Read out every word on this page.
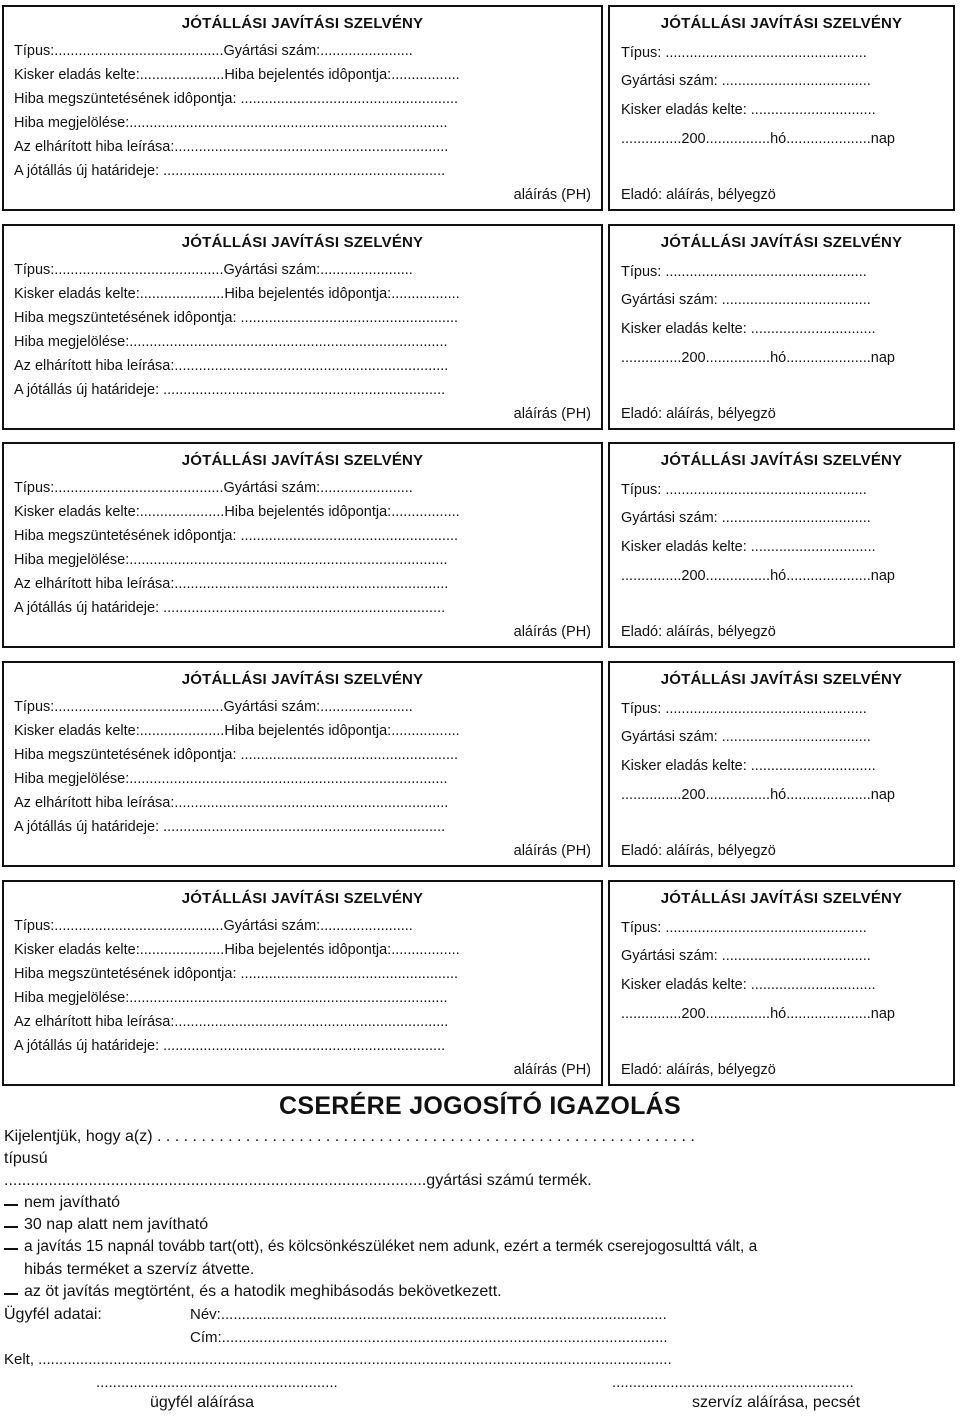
JÓTÁLLÁSI JAVÍTÁSI SZELVÉNY
Típus:..........................................Gyártási szám:.......................
Kisker eladás kelte:.....................Hiba bejelentés idôpontja:.................
Hiba megszüntetésének idôpontja: ......................................................
Hiba megjelölése:...............................................................................
Az elhárított hiba leírása:....................................................................
A jótállás új határideje: ......................................................................
aláírás (PH)
JÓTÁLLÁSI JAVÍTÁSI SZELVÉNY
Típus: ..................................................
Gyártási szám: .....................................
Kisker eladás kelte: ...............................
...............200................hó.....................nap
Eladó: aláírás, bélyegzö
JÓTÁLLÁSI JAVÍTÁSI SZELVÉNY
Típus:..........................................Gyártási szám:.......................
Kisker eladás kelte:.....................Hiba bejelentés idôpontja:.................
Hiba megszüntetésének idôpontja: ......................................................
Hiba megjelölése:...............................................................................
Az elhárított hiba leírása:....................................................................
A jótállás új határideje: ......................................................................
aláírás (PH)
JÓTÁLLÁSI JAVÍTÁSI SZELVÉNY
Típus: ..................................................
Gyártási szám: .....................................
Kisker eladás kelte: ...............................
...............200................hó.....................nap
Eladó: aláírás, bélyegzö
JÓTÁLLÁSI JAVÍTÁSI SZELVÉNY
Típus:..........................................Gyártási szám:.......................
Kisker eladás kelte:.....................Hiba bejelentés idôpontja:.................
Hiba megszüntetésének idôpontja: ......................................................
Hiba megjelölése:...............................................................................
Az elhárított hiba leírása:....................................................................
A jótállás új határideje: ......................................................................
aláírás (PH)
JÓTÁLLÁSI JAVÍTÁSI SZELVÉNY
Típus: ..................................................
Gyártási szám: .....................................
Kisker eladás kelte: ...............................
...............200................hó.....................nap
Eladó: aláírás, bélyegzö
JÓTÁLLÁSI JAVÍTÁSI SZELVÉNY
Típus:..........................................Gyártási szám:.......................
Kisker eladás kelte:.....................Hiba bejelentés idôpontja:.................
Hiba megszüntetésének idôpontja: ......................................................
Hiba megjelölése:...............................................................................
Az elhárított hiba leírása:....................................................................
A jótállás új határideje: ......................................................................
aláírás (PH)
JÓTÁLLÁSI JAVÍTÁSI SZELVÉNY
Típus: ..................................................
Gyártási szám: .....................................
Kisker eladás kelte: ...............................
...............200................hó.....................nap
Eladó: aláírás, bélyegzö
JÓTÁLLÁSI JAVÍTÁSI SZELVÉNY
Típus:..........................................Gyártási szám:.......................
Kisker eladás kelte:.....................Hiba bejelentés idôpontja:.................
Hiba megszüntetésének idôpontja: ......................................................
Hiba megjelölése:...............................................................................
Az elhárított hiba leírása:....................................................................
A jótállás új határideje: ......................................................................
aláírás (PH)
JÓTÁLLÁSI JAVÍTÁSI SZELVÉNY
Típus: ..................................................
Gyártási szám: .....................................
Kisker eladás kelte: ...............................
...............200................hó.....................nap
Eladó: aláírás, bélyegzö
CSERÉRE JOGOSÍTÓ IGAZOLÁS
Kijelentjük, hogy a(z) . . . . . . . . . . . . . . . . . . . . . . . . . . . . . . . . . . . . . . . . . . . . . . . . . . . . . . . . . . . . .
típusú
...............................................................................................gyártási számú termék.
nem javítható
30 nap alatt nem javítható
a javítás 15 napnál tovább tart(ott), és kölcsönkészüléket nem adunk, ezért a termék cserejogosulttá vált, a
hibás terméket a szervíz átvette.
az öt javítás megtörtént, és a hatodik meghibásodás bekövetkezett.
Ügyfél adatai:	Név:...........................................................................................................
Cím:...........................................................................................................
Kelt, ........................................................................................................................................................
..........................................................	..........................................................
ügyfél aláírása	szervíz aláírása, pecsét
